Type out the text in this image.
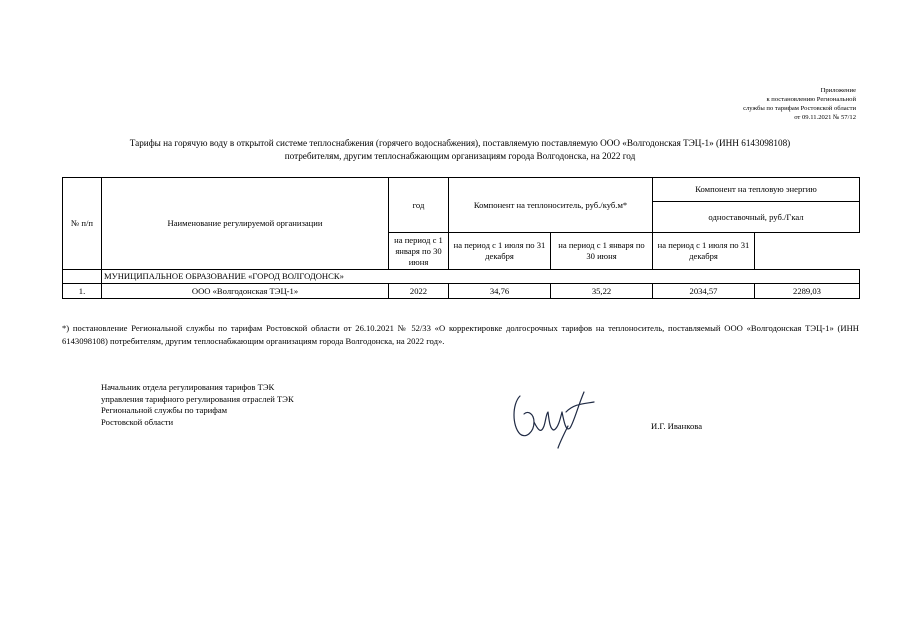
Приложение
к постановлению Региональной
службы по тарифам Ростовской области
от 09.11.2021 № 57/12
Тарифы на горячую воду в открытой системе теплоснабжения (горячего водоснабжения), поставляемую поставляемую ООО «Волгодонская ТЭЦ-1» (ИНН 6143098108)
потребителям, другим теплоснабжающим организациям города Волгодонска, на 2022 год
№ п/п	Наименование регулируемой организации	год	Компонент на теплоноситель, руб./куб.м*		Компонент на тепловую энергию	
					одноставочный, руб./Гкал	
		на период с 1 января по 30 июня	на период с 1 июля по 31 декабря	на период с 1 января по 30 июня	на период с 1 июля по 31 декабря	
	МУНИЦИПАЛЬНОЕ ОБРАЗОВАНИЕ «ГОРОД ВОЛГОДОНСК»					
1.	ООО «Волгодонская ТЭЦ-1»	2022	34,76	35,22	2034,57	2289,03
*) постановление Региональной службы по тарифам Ростовской области от 26.10.2021 № 52/33 «О корректировке долгосрочных тарифов на теплоноситель, поставляемый ООО «Волгодонская ТЭЦ-1» (ИНН 6143098108) потребителям, другим теплоснабжающим организациям города Волгодонска, на 2022 год».
Начальник отдела регулирования тарифов ТЭК
управления тарифного регулирования отраслей ТЭК
Региональной службы по тарифам
Ростовской области	И.Г. Иванкова
